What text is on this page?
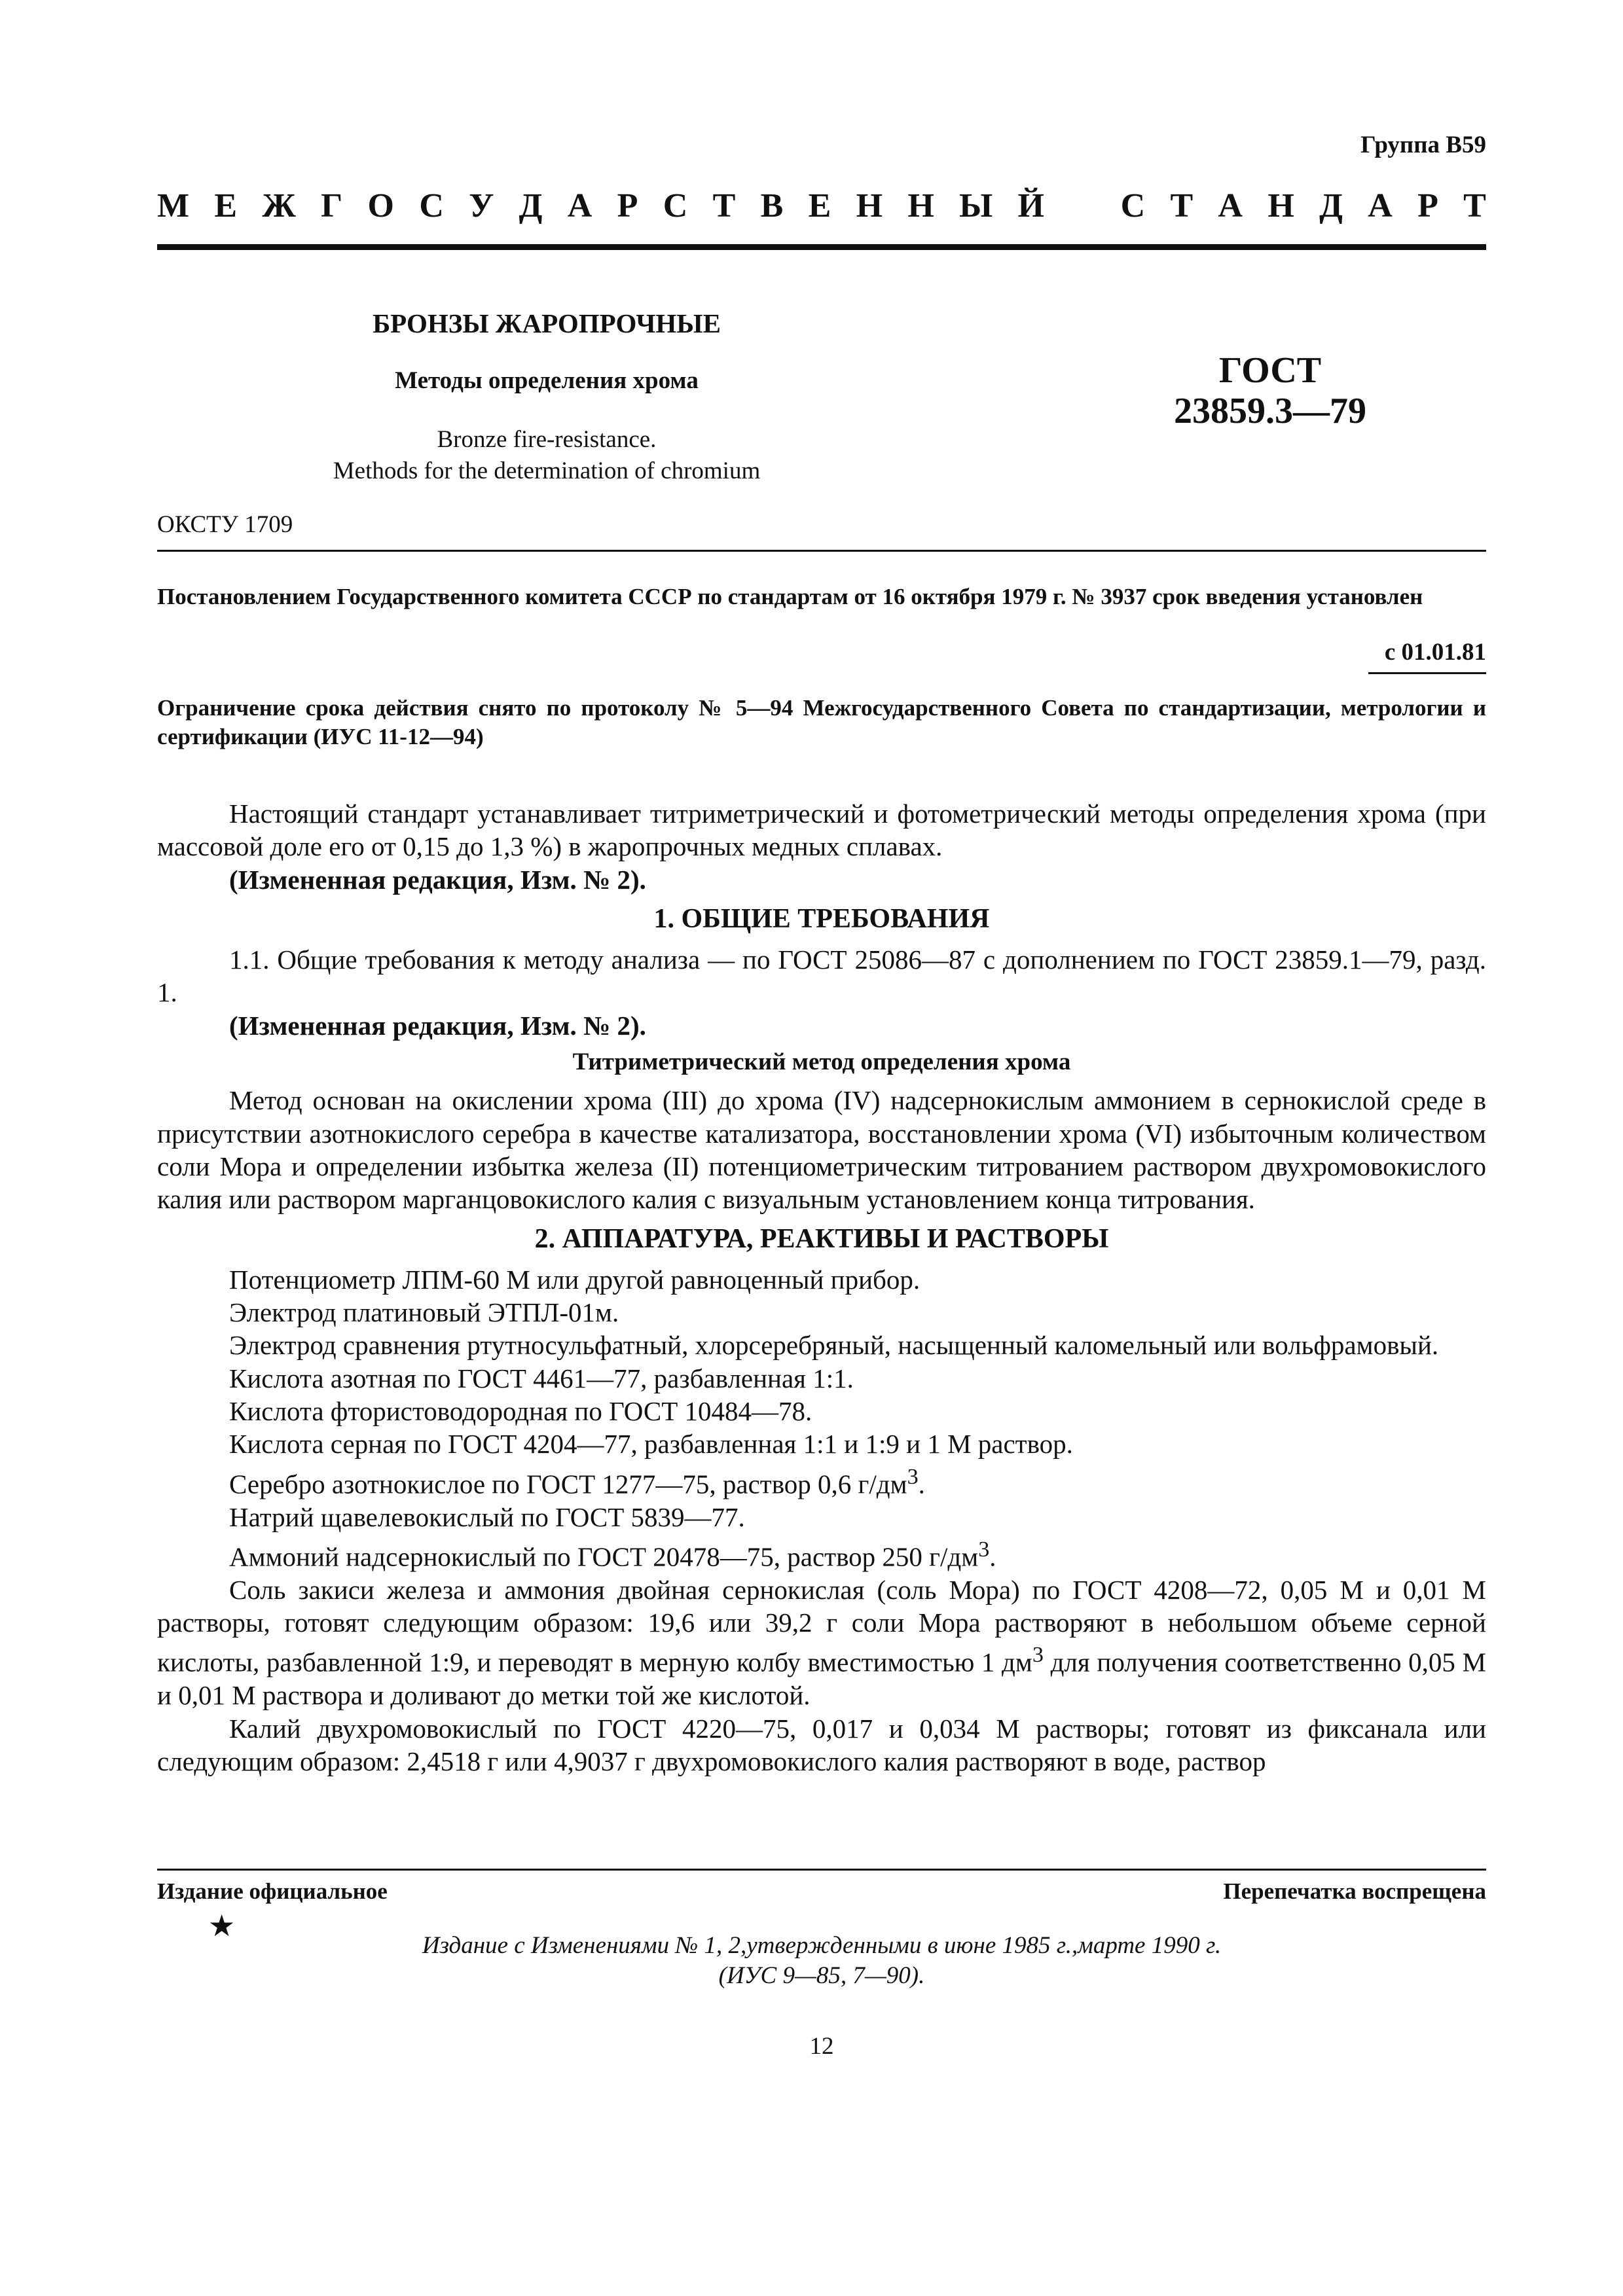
Группа В59
М Е Ж Г О С У Д А Р С Т В Е Н Н Ы Й С Т А Н Д А Р Т
БРОНЗЫ ЖАРОПРОЧНЫЕ
Методы определения хрома
Bronze fire-resistance.
Methods for the determination of chromium
ГОСТ
23859.3—79
ОКСТУ 1709
Постановлением Государственного комитета СССР по стандартам от 16 октября 1979 г. № 3937 срок введения установлен
с 01.01.81
Ограничение срока действия снято по протоколу № 5—94 Межгосударственного Совета по стандартизации, метрологии и сертификации (ИУС 11-12—94)

Настоящий стандарт устанавливает титриметрический и фотометрический методы определения хрома (при массовой доле его от 0,15 до 1,3 %) в жаропрочных медных сплавах.

(Измененная редакция, Изм. № 2).

1. ОБЩИЕ ТРЕБОВАНИЯ

1.1. Общие требования к методу анализа — по ГОСТ 25086—87 с дополнением по ГОСТ 23859.1—79, разд. 1.

(Измененная редакция, Изм. № 2).

Титриметрический метод определения хрома

Метод основан на окислении хрома (III) до хрома (IV) надсернокислым аммонием в сернокислой среде в присутствии азотнокислого серебра в качестве катализатора, восстановлении хрома (VI) избыточным количеством соли Мора и определении избытка железа (II) потенциометрическим титрованием раствором двухромовокислого калия или раствором марганцовокислого калия с визуальным установлением конца титрования.

2. АППАРАТУРА, РЕАКТИВЫ И РАСТВОРЫ

Потенциометр ЛПМ-60 М или другой равноценный прибор.

Электрод платиновый ЭТПЛ-01м.

Электрод сравнения ртутносульфатный, хлорсеребряный, насыщенный каломельный или вольфрамовый.

Кислота азотная по ГОСТ 4461—77, разбавленная 1:1.

Кислота фтористоводородная по ГОСТ 10484—78.

Кислота серная по ГОСТ 4204—77, разбавленная 1:1 и 1:9 и 1 М раствор.

Серебро азотнокислое по ГОСТ 1277—75, раствор 0,6 $г/дм^3$.

Натрий щавелевокислый по ГОСТ 5839—77.

Аммоний надсернокислый по ГОСТ 20478—75, раствор 250 $г/дм^3$.

Соль закиси железа и аммония двойная сернокислая (соль Мора) по ГОСТ 4208—72, 0,05 М и 0,01 М растворы, готовят следующим образом: 19,6 или 39,2 г соли Мора растворяют в небольшом объеме серной кислоты, разбавленной 1:9, и переводят в мерную колбу вместимостью 1 $дм^3$ для получения соответственно 0,05 М и 0,01 М раствора и доливают до метки той же кислотой.

Калий двухромовокислый по ГОСТ 4220—75, 0,017 и 0,034 М растворы; готовят из фиксанала или следующим образом: 2,4518 г или 4,9037 г двухромовокислого калия растворяют в воде, раствор

Издание официальное	Перепечатка воспрещена
★
Издание с Изменениями № 1, 2,утвержденными в июне 1985 г.,марте 1990 г.
(ИУС 9—85, 7—90).
12
